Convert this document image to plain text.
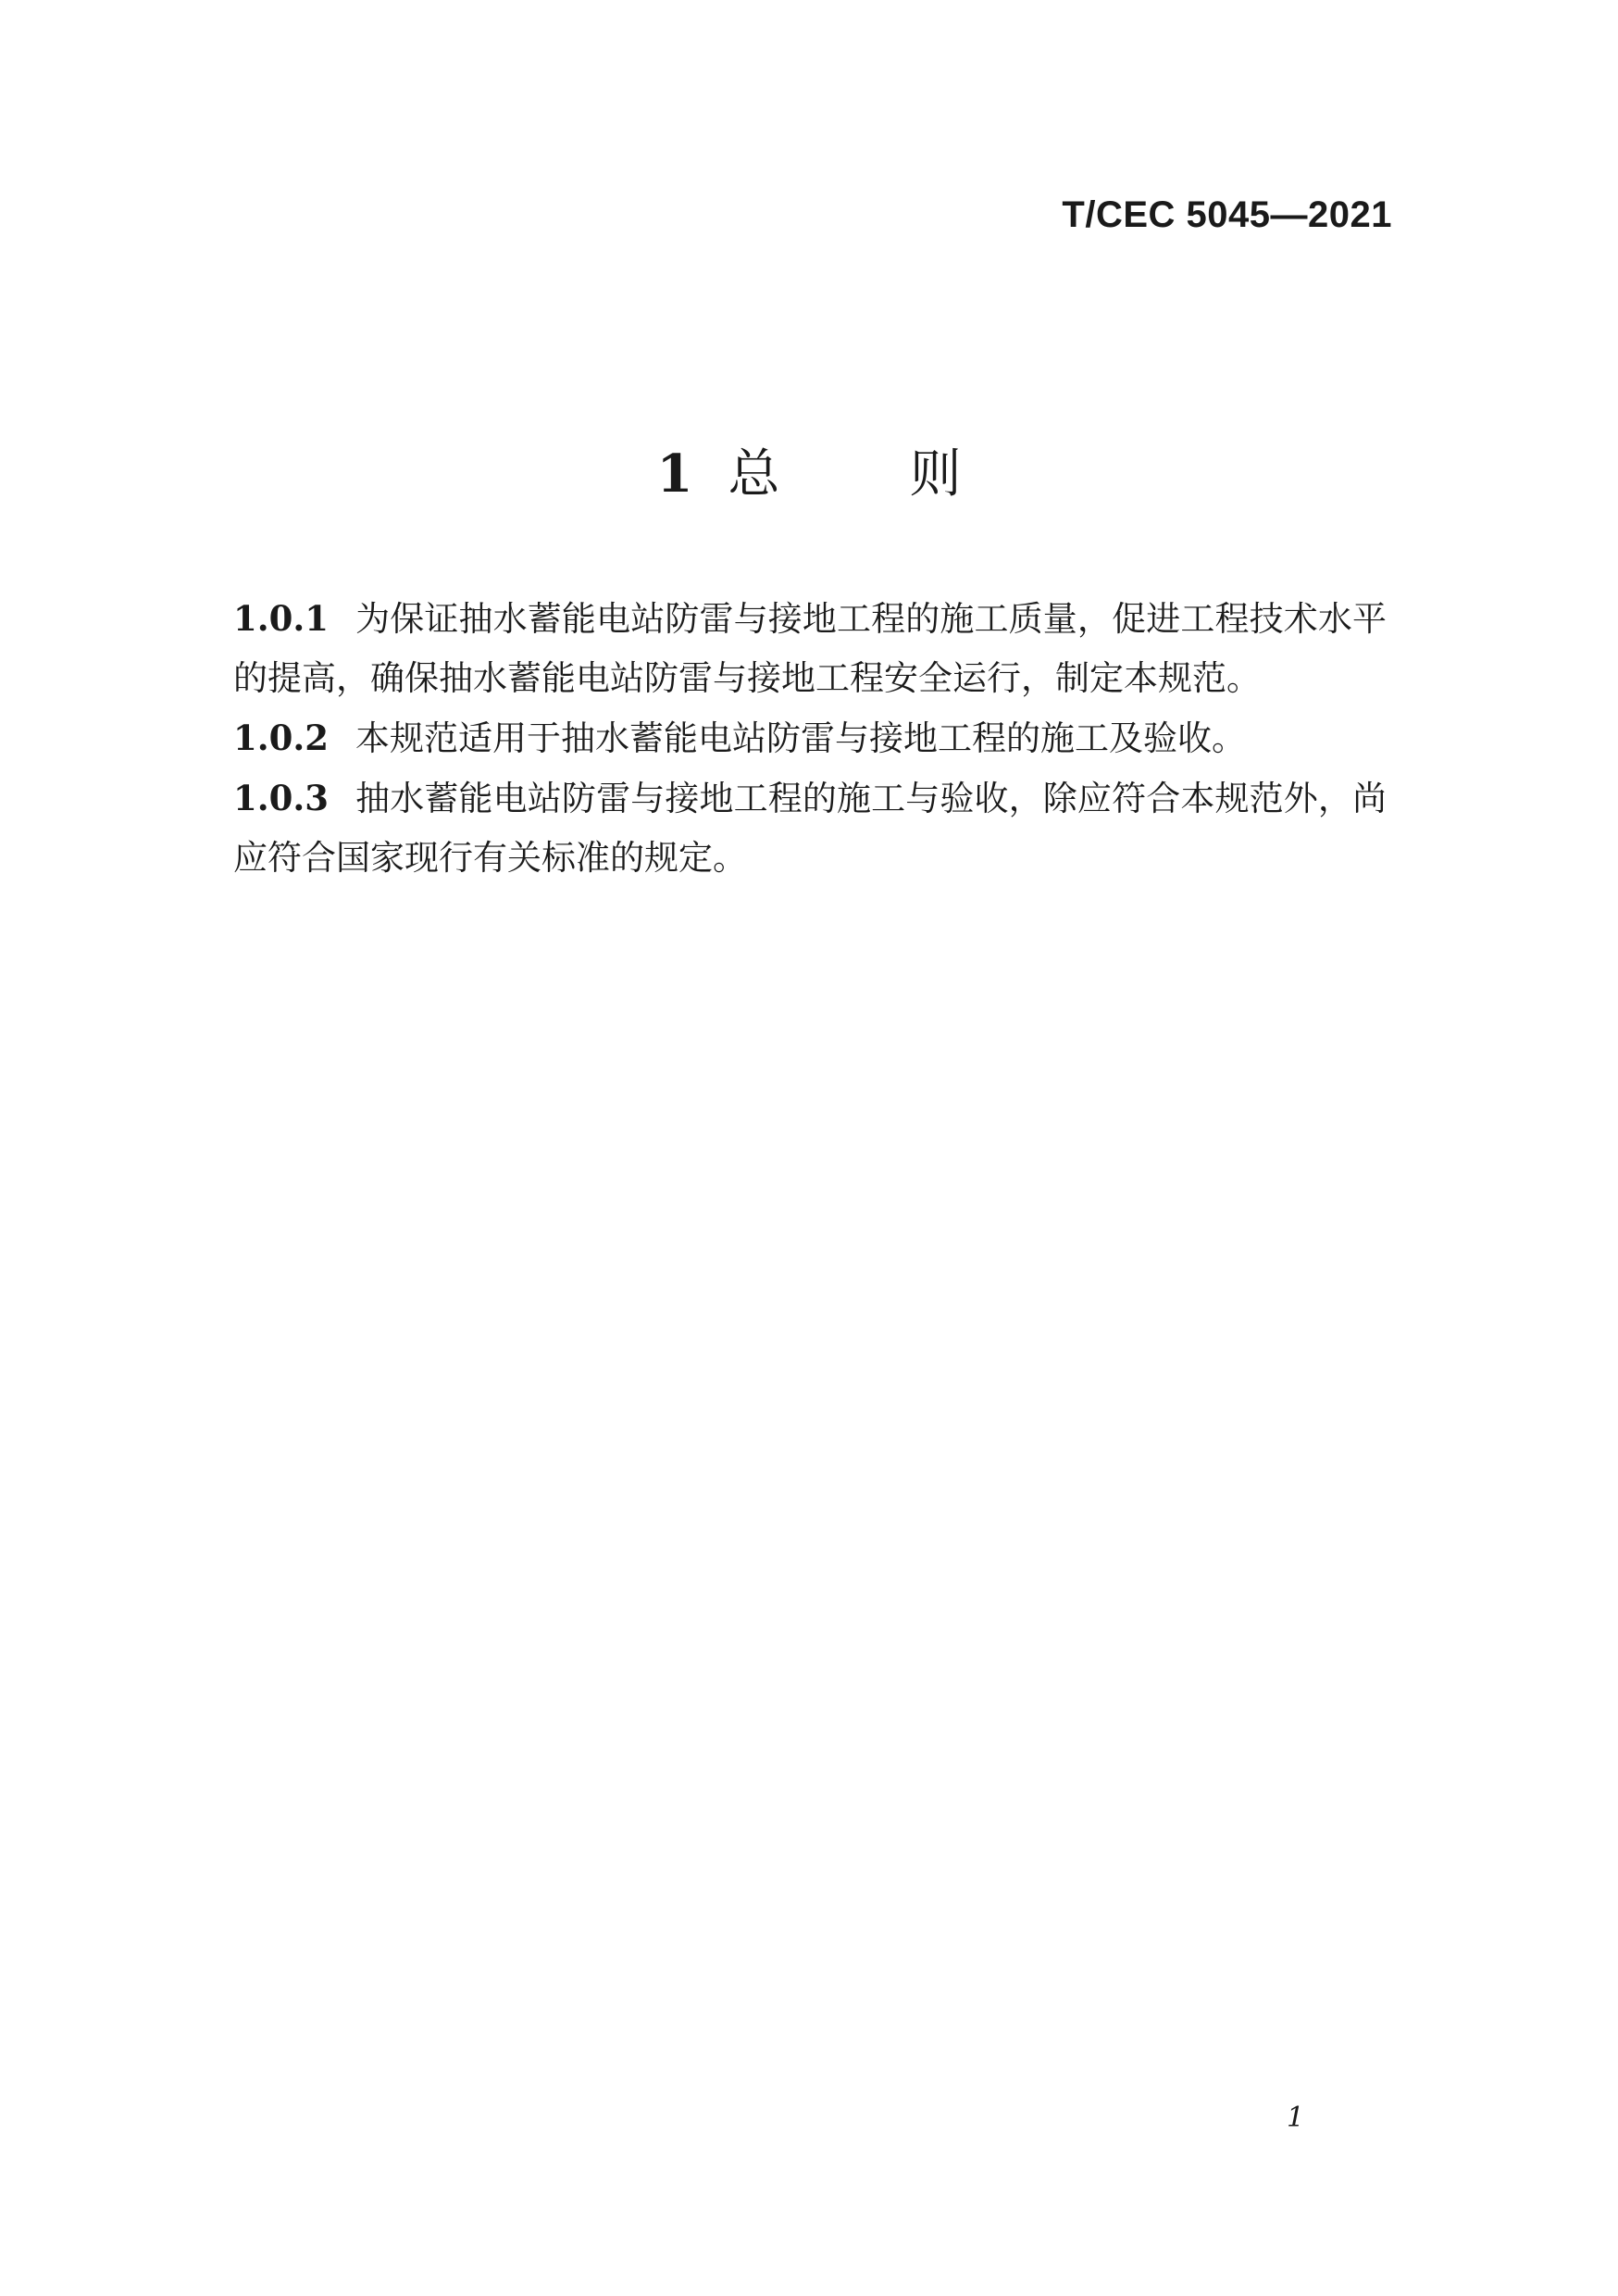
T/CEC 5045—2021
1 总则

1.0.1 为保证抽水蓄能电站防雷与接地工程的施工质量，促进工程技术水平的提高，确保抽水蓄能电站防雷与接地工程安全运行，制定本规范。

1.0.2 本规范适用于抽水蓄能电站防雷与接地工程的施工及验收。

1.0.3 抽水蓄能电站防雷与接地工程的施工与验收，除应符合本规范外，尚应符合国家现行有关标准的规定。

1
